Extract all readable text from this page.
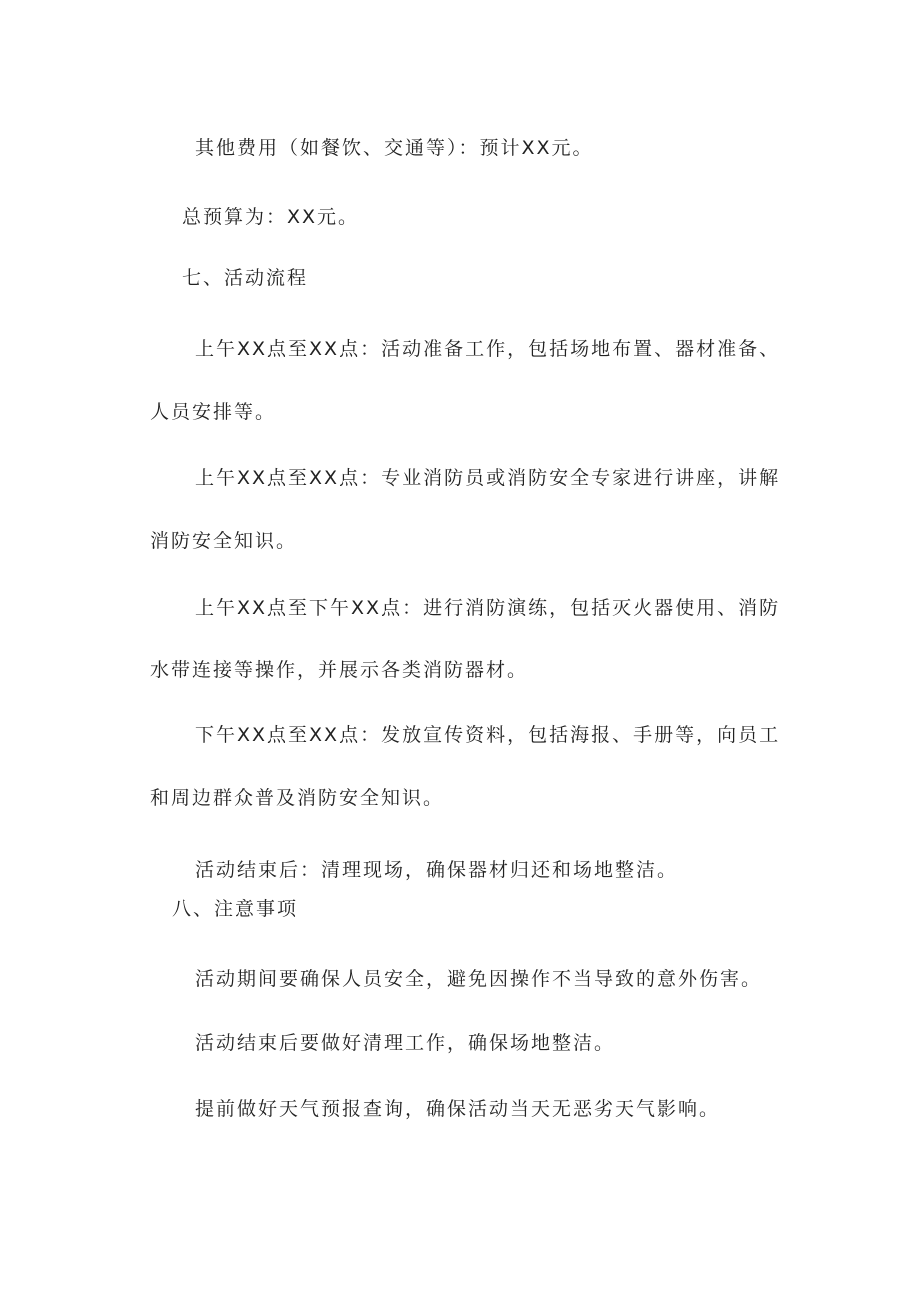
其他费用（如餐饮、交通等）：预计XX元。
总预算为：XX元。
七、活动流程
上午XX点至XX点：活动准备工作，包括场地布置、器材准备、
人员安排等。
上午XX点至XX点：专业消防员或消防安全专家进行讲座，讲解
消防安全知识。
上午XX点至下午XX点：进行消防演练，包括灭火器使用、消防
水带连接等操作，并展示各类消防器材。
下午XX点至XX点：发放宣传资料，包括海报、手册等，向员工
和周边群众普及消防安全知识。
活动结束后：清理现场，确保器材归还和场地整洁。
八、注意事项
活动期间要确保人员安全，避免因操作不当导致的意外伤害。
活动结束后要做好清理工作，确保场地整洁。
提前做好天气预报查询，确保活动当天无恶劣天气影响。
